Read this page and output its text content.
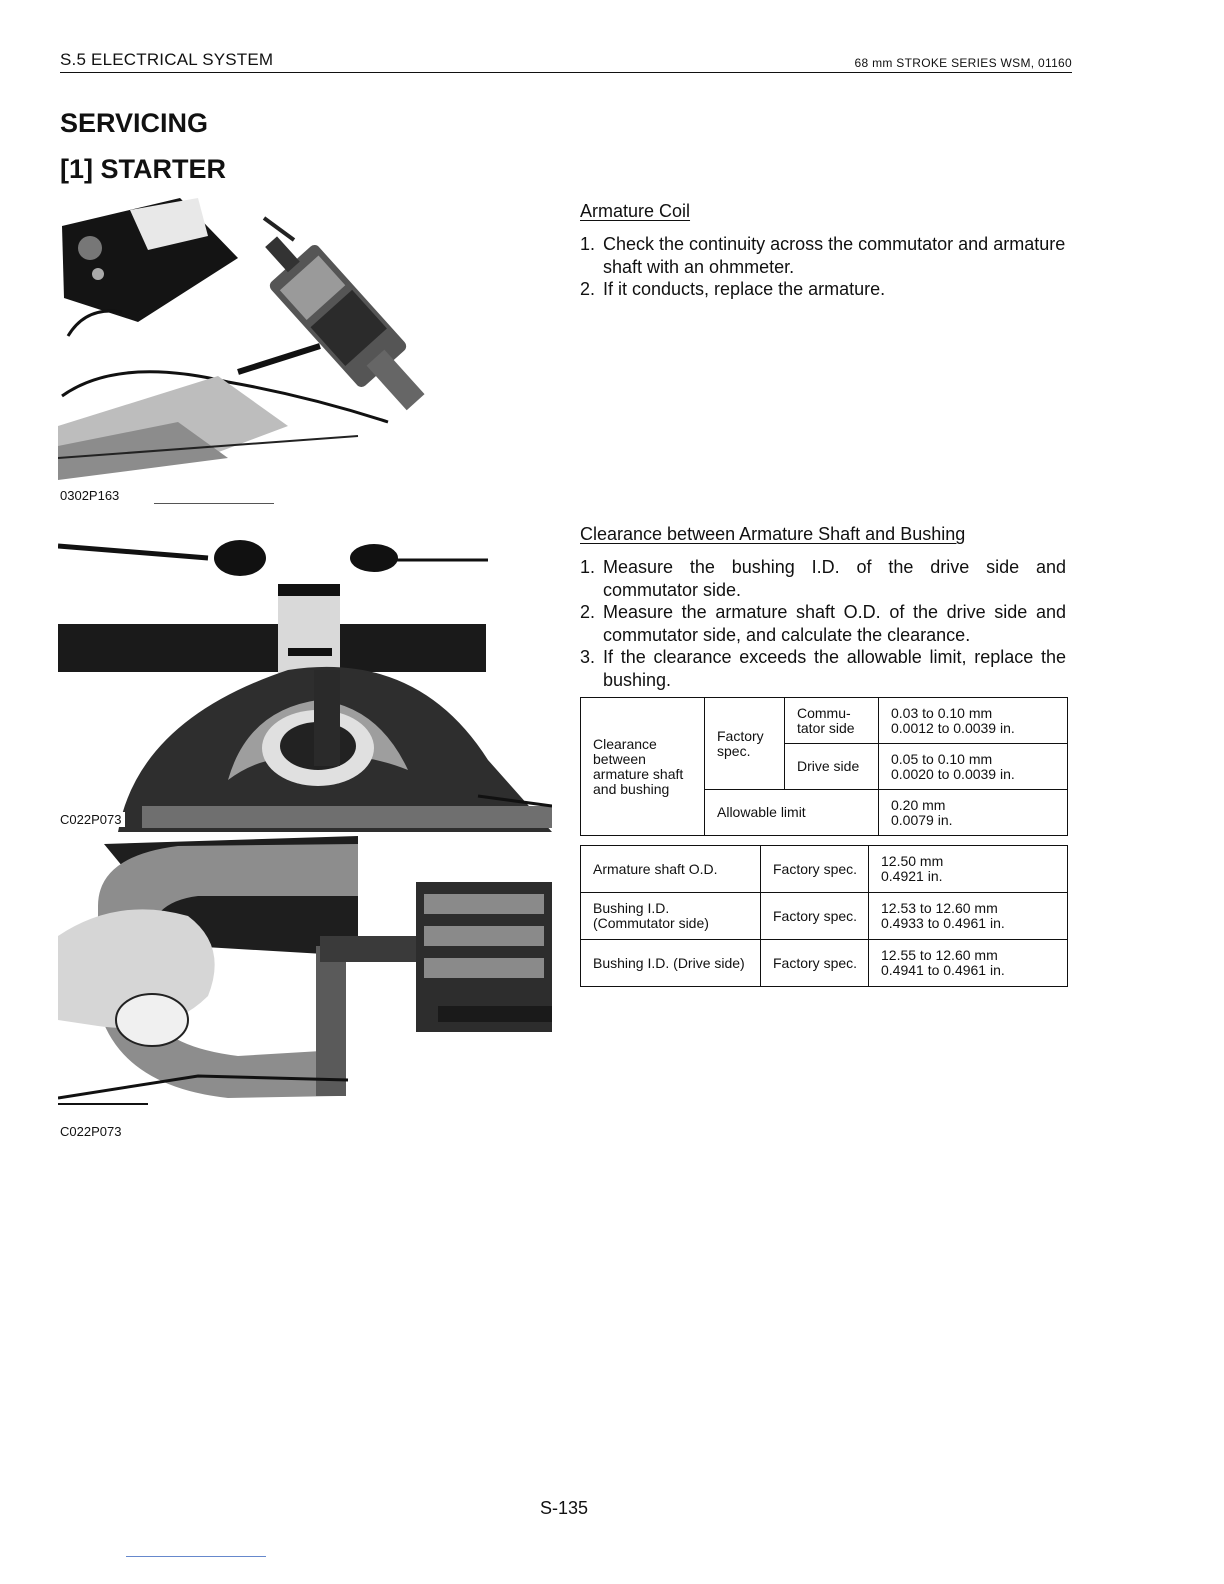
S.5 ELECTRICAL SYSTEM	68 mm STROKE SERIES WSM, 01160
SERVICING
[1] STARTER
0302P163
C022P073
C022P073
Armature Coil
1. Check the continuity across the commutator and armature shaft with an ohmmeter.
2. If it conducts, replace the armature.
Clearance between Armature Shaft and Bushing
1. Measure the bushing I.D. of the drive side and commutator side.
2. Measure the armature shaft O.D. of the drive side and commutator side, and calculate the clearance.
3. If the clearance exceeds the allowable limit, replace the bushing.
Clearance between armature shaft and bushing	Factory spec.	Commu-tator side	0.03 to 0.10 mm
0.0012 to 0.0039 in.

		Drive side	0.05 to 0.10 mm
0.0020 to 0.0039 in.

	Allowable limit		0.20 mm
0.0079 in.
Armature shaft O.D.	Factory spec.	12.50 mm
0.4921 in.

Bushing I.D. (Commutator side)	Factory spec.	12.53 to 12.60 mm
0.4933 to 0.4961 in.

Bushing I.D. (Drive side)	Factory spec.	12.55 to 12.60 mm
0.4941 to 0.4961 in.
S-135
